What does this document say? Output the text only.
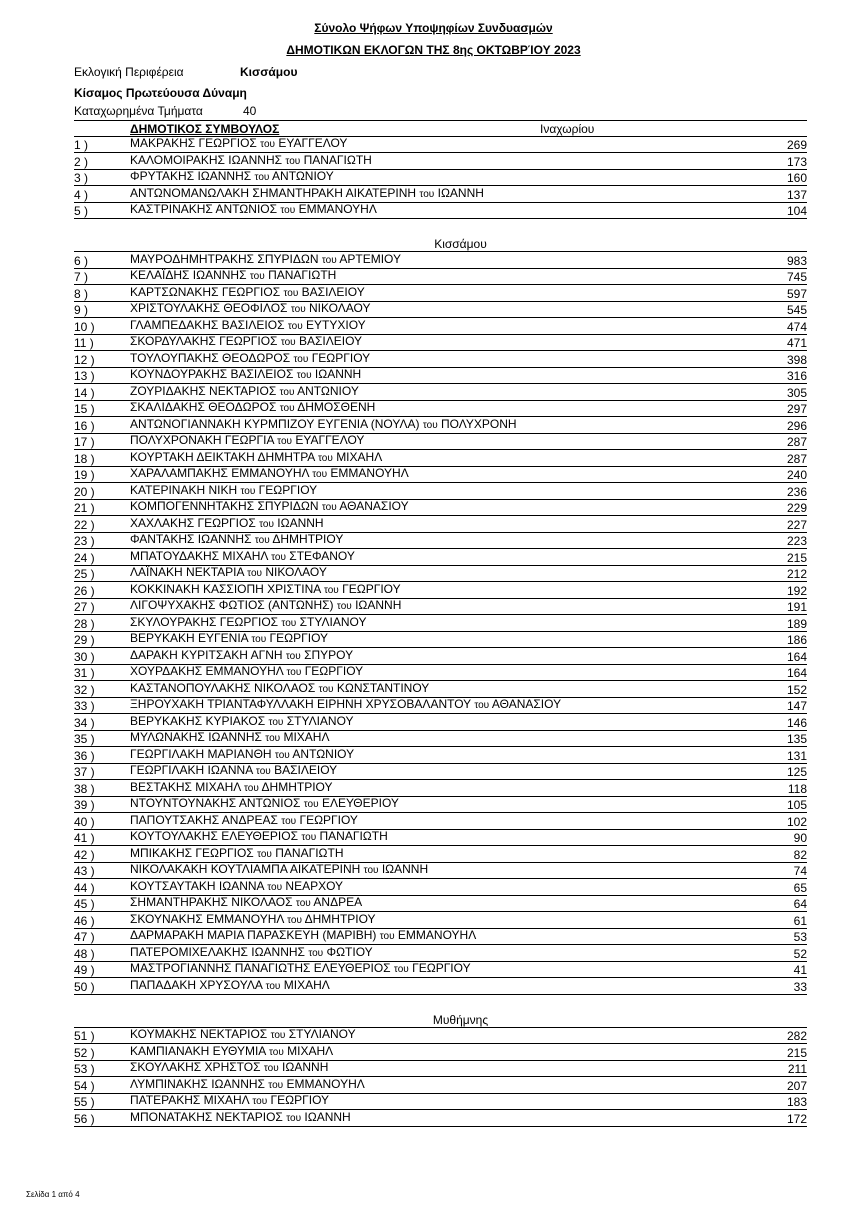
Σύνολο Ψήφων Υποψηφίων Συνδυασμών
ΔΗΜΟΤΙΚΩΝ ΕΚΛΟΓΩΝ ΤΗΣ 8ης ΟΚΤΩΒΡΊΟΥ 2023
Εκλογική Περιφέρεια	Κισσάμου
Κίσαμος Πρωτεύουσα Δύναμη
Καταχωρημένα Τμήματα	40
ΔΗΜΟΤΙΚΟΣ ΣΥΜΒΟΥΛΟΣ	Ιναχωρίου
1 )	ΜΑΚΡΑΚΗΣ ΓΕΩΡΓΙΟΣ του ΕΥΑΓΓΕΛΟΥ	269
2 )	ΚΑΛΟΜΟΙΡΑΚΗΣ ΙΩΑΝΝΗΣ του ΠΑΝΑΓΙΩΤΗ	173
3 )	ΦΡΥΤΑΚΗΣ ΙΩΑΝΝΗΣ του ΑΝΤΩΝΙΟΥ	160
4 )	ΑΝΤΩΝΟΜΑΝΩΛΑΚΗ ΣΗΜΑΝΤΗΡΑΚΗ ΑΙΚΑΤΕΡΙΝΗ του ΙΩΑΝΝΗ	137
5 )	ΚΑΣΤΡΙΝΑΚΗΣ ΑΝΤΩΝΙΟΣ του ΕΜΜΑΝΟΥΗΛ	104
Κισσάμου
6 )	ΜΑΥΡΟΔΗΜΗΤΡΑΚΗΣ ΣΠΥΡΙΔΩΝ του ΑΡΤΕΜΙΟΥ	983
7 )	ΚΕΛΑΪΔΗΣ ΙΩΑΝΝΗΣ του ΠΑΝΑΓΙΩΤΗ	745
8 )	ΚΑΡΤΣΩΝΑΚΗΣ ΓΕΩΡΓΙΟΣ του ΒΑΣΙΛΕΙΟΥ	597
9 )	ΧΡΙΣΤΟΥΛΑΚΗΣ ΘΕΟΦΙΛΟΣ του ΝΙΚΟΛΑΟΥ	545
10 )	ΓΛΑΜΠΕΔΑΚΗΣ ΒΑΣΙΛΕΙΟΣ του ΕΥΤΥΧΙΟΥ	474
11 )	ΣΚΟΡΔΥΛΑΚΗΣ ΓΕΩΡΓΙΟΣ του ΒΑΣΙΛΕΙΟΥ	471
12 )	ΤΟΥΛΟΥΠΑΚΗΣ ΘΕΟΔΩΡΟΣ του ΓΕΩΡΓΙΟΥ	398
13 )	ΚΟΥΝΔΟΥΡΑΚΗΣ ΒΑΣΙΛΕΙΟΣ του ΙΩΑΝΝΗ	316
14 )	ΖΟΥΡΙΔΑΚΗΣ ΝΕΚΤΑΡΙΟΣ του ΑΝΤΩΝΙΟΥ	305
15 )	ΣΚΑΛΙΔΑΚΗΣ ΘΕΟΔΩΡΟΣ του ΔΗΜΟΣΘΕΝΗ	297
16 )	ΑΝΤΩΝΟΓΙΑΝΝΑΚΗ ΚΥΡΜΠΙΖΟΥ ΕΥΓΕΝΙΑ (ΝΟΥΛΑ) του ΠΟΛΥΧΡΟΝΗ	296
17 )	ΠΟΛΥΧΡΟΝΑΚΗ ΓΕΩΡΓΙΑ του ΕΥΑΓΓΕΛΟΥ	287
18 )	ΚΟΥΡΤΑΚΗ ΔΕΙΚΤΑΚΗ ΔΗΜΗΤΡΑ του ΜΙΧΑΗΛ	287
19 )	ΧΑΡΑΛΑΜΠΑΚΗΣ ΕΜΜΑΝΟΥΗΛ του ΕΜΜΑΝΟΥΗΛ	240
20 )	ΚΑΤΕΡΙΝΑΚΗ ΝΙΚΗ του ΓΕΩΡΓΙΟΥ	236
21 )	ΚΟΜΠΟΓΕΝΝΗΤΑΚΗΣ ΣΠΥΡΙΔΩΝ του ΑΘΑΝΑΣΙΟΥ	229
22 )	ΧΑΧΛΑΚΗΣ ΓΕΩΡΓΙΟΣ του ΙΩΑΝΝΗ	227
23 )	ΦΑΝΤΑΚΗΣ ΙΩΑΝΝΗΣ του ΔΗΜΗΤΡΙΟΥ	223
24 )	ΜΠΑΤΟΥΔΑΚΗΣ ΜΙΧΑΗΛ του ΣΤΕΦΑΝΟΥ	215
25 )	ΛΑΪΝΑΚΗ ΝΕΚΤΑΡΙΑ του ΝΙΚΟΛΑΟΥ	212
26 )	ΚΟΚΚΙΝΑΚΗ ΚΑΣΣΙΟΠΗ ΧΡΙΣΤΙΝΑ του ΓΕΩΡΓΙΟΥ	192
27 )	ΛΙΓΟΨΥΧΑΚΗΣ ΦΩΤΙΟΣ (ΑΝΤΩΝΗΣ) του ΙΩΑΝΝΗ	191
28 )	ΣΚΥΛΟΥΡΑΚΗΣ ΓΕΩΡΓΙΟΣ του ΣΤΥΛΙΑΝΟΥ	189
29 )	ΒΕΡΥΚΑΚΗ ΕΥΓΕΝΙΑ του ΓΕΩΡΓΙΟΥ	186
30 )	ΔΑΡΑΚΗ ΚΥΡΙΤΣΑΚΗ ΑΓΝΗ του ΣΠΥΡΟΥ	164
31 )	ΧΟΥΡΔΑΚΗΣ ΕΜΜΑΝΟΥΗΛ του ΓΕΩΡΓΙΟΥ	164
32 )	ΚΑΣΤΑΝΟΠΟΥΛΑΚΗΣ ΝΙΚΟΛΑΟΣ του ΚΩΝΣΤΑΝΤΙΝΟΥ	152
33 )	ΞΗΡΟΥΧΑΚΗ ΤΡΙΑΝΤΑΦΥΛΛΑΚΗ ΕΙΡΗΝΗ ΧΡΥΣΟΒΑΛΑΝΤΟΥ του ΑΘΑΝΑΣΙΟΥ	147
34 )	ΒΕΡΥΚΑΚΗΣ ΚΥΡΙΑΚΟΣ του ΣΤΥΛΙΑΝΟΥ	146
35 )	ΜΥΛΩΝΑΚΗΣ ΙΩΑΝΝΗΣ του ΜΙΧΑΗΛ	135
36 )	ΓΕΩΡΓΙΛΑΚΗ ΜΑΡΙΑΝΘΗ του ΑΝΤΩΝΙΟΥ	131
37 )	ΓΕΩΡΓΙΛΑΚΗ ΙΩΑΝΝΑ του ΒΑΣΙΛΕΙΟΥ	125
38 )	ΒΕΣΤΑΚΗΣ ΜΙΧΑΗΛ του ΔΗΜΗΤΡΙΟΥ	118
39 )	ΝΤΟΥΝΤΟΥΝΑΚΗΣ ΑΝΤΩΝΙΟΣ του ΕΛΕΥΘΕΡΙΟΥ	105
40 )	ΠΑΠΟΥΤΣΑΚΗΣ ΑΝΔΡΕΑΣ του ΓΕΩΡΓΙΟΥ	102
41 )	ΚΟΥΤΟΥΛΑΚΗΣ ΕΛΕΥΘΕΡΙΟΣ του ΠΑΝΑΓΙΩΤΗ	90
42 )	ΜΠΙΚΑΚΗΣ ΓΕΩΡΓΙΟΣ του ΠΑΝΑΓΙΩΤΗ	82
43 )	ΝΙΚΟΛΑΚΑΚΗ ΚΟΥΤΛΙΑΜΠΑ ΑΙΚΑΤΕΡΙΝΗ του ΙΩΑΝΝΗ	74
44 )	ΚΟΥΤΣΑΥΤΑΚΗ ΙΩΑΝΝΑ του ΝΕΑΡΧΟΥ	65
45 )	ΣΗΜΑΝΤΗΡΑΚΗΣ ΝΙΚΟΛΑΟΣ του ΑΝΔΡΕΑ	64
46 )	ΣΚΟΥΝΑΚΗΣ ΕΜΜΑΝΟΥΗΛ του ΔΗΜΗΤΡΙΟΥ	61
47 )	ΔΑΡΜΑΡΑΚΗ ΜΑΡΙΑ ΠΑΡΑΣΚΕΥΗ (ΜΑΡΙΒΗ) του ΕΜΜΑΝΟΥΗΛ	53
48 )	ΠΑΤΕΡΟΜΙΧΕΛΑΚΗΣ ΙΩΑΝΝΗΣ του ΦΩΤΙΟΥ	52
49 )	ΜΑΣΤΡΟΓΙΑΝΝΗΣ ΠΑΝΑΓΙΩΤΗΣ ΕΛΕΥΘΕΡΙΟΣ του ΓΕΩΡΓΙΟΥ	41
50 )	ΠΑΠΑΔΑΚΗ ΧΡΥΣΟΥΛΑ του ΜΙΧΑΗΛ	33
Μυθήμνης
51 )	ΚΟΥΜΑΚΗΣ ΝΕΚΤΑΡΙΟΣ του ΣΤΥΛΙΑΝΟΥ	282
52 )	ΚΑΜΠΙΑΝΑΚΗ ΕΥΘΥΜΙΑ του ΜΙΧΑΗΛ	215
53 )	ΣΚΟΥΛΑΚΗΣ ΧΡΗΣΤΟΣ του ΙΩΑΝΝΗ	211
54 )	ΛΥΜΠΙΝΑΚΗΣ ΙΩΑΝΝΗΣ του ΕΜΜΑΝΟΥΗΛ	207
55 )	ΠΑΤΕΡΑΚΗΣ ΜΙΧΑΗΛ του ΓΕΩΡΓΙΟΥ	183
56 )	ΜΠΟΝΑΤΑΚΗΣ ΝΕΚΤΑΡΙΟΣ του ΙΩΑΝΝΗ	172
Σελίδα 1 από 4
